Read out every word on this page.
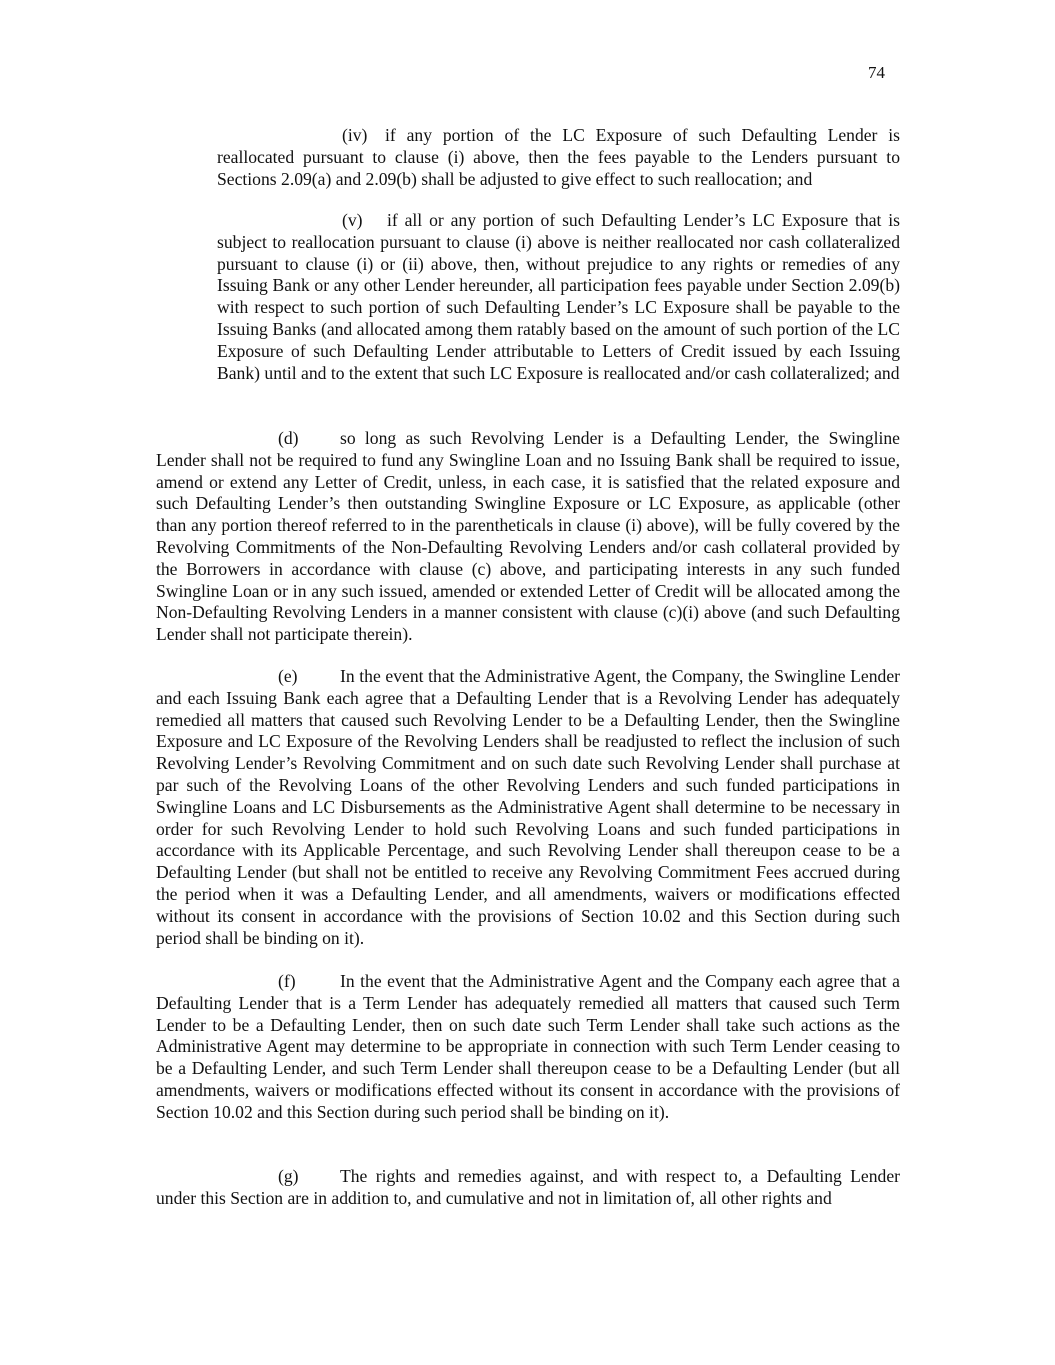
74

(iv) if any portion of the LC Exposure of such Defaulting Lender is reallocated pursuant to clause (i) above, then the fees payable to the Lenders pursuant to Sections 2.09(a) and 2.09(b) shall be adjusted to give effect to such reallocation; and

(v) if all or any portion of such Defaulting Lender’s LC Exposure that is subject to reallocation pursuant to clause (i) above is neither reallocated nor cash collateralized pursuant to clause (i) or (ii) above, then, without prejudice to any rights or remedies of any Issuing Bank or any other Lender hereunder, all participation fees payable under Section 2.09(b) with respect to such portion of such Defaulting Lender’s LC Exposure shall be payable to the Issuing Banks (and allocated among them ratably based on the amount of such portion of the LC Exposure of such Defaulting Lender attributable to Letters of Credit issued by each Issuing Bank) until and to the extent that such LC Exposure is reallocated and/or cash collateralized; and

(d) so long as such Revolving Lender is a Defaulting Lender, the Swingline Lender shall not be required to fund any Swingline Loan and no Issuing Bank shall be required to issue, amend or extend any Letter of Credit, unless, in each case, it is satisfied that the related exposure and such Defaulting Lender’s then outstanding Swingline Exposure or LC Exposure, as applicable (other than any portion thereof referred to in the parentheticals in clause (i) above), will be fully covered by the Revolving Commitments of the Non-Defaulting Revolving Lenders and/or cash collateral provided by the Borrowers in accordance with clause (c) above, and participating interests in any such funded Swingline Loan or in any such issued, amended or extended Letter of Credit will be allocated among the Non-Defaulting Revolving Lenders in a manner consistent with clause (c)(i) above (and such Defaulting Lender shall not participate therein).

(e) In the event that the Administrative Agent, the Company, the Swingline Lender and each Issuing Bank each agree that a Defaulting Lender that is a Revolving Lender has adequately remedied all matters that caused such Revolving Lender to be a Defaulting Lender, then the Swingline Exposure and LC Exposure of the Revolving Lenders shall be readjusted to reflect the inclusion of such Revolving Lender’s Revolving Commitment and on such date such Revolving Lender shall purchase at par such of the Revolving Loans of the other Revolving Lenders and such funded participations in Swingline Loans and LC Disbursements as the Administrative Agent shall determine to be necessary in order for such Revolving Lender to hold such Revolving Loans and such funded participations in accordance with its Applicable Percentage, and such Revolving Lender shall thereupon cease to be a Defaulting Lender (but shall not be entitled to receive any Revolving Commitment Fees accrued during the period when it was a Defaulting Lender, and all amendments, waivers or modifications effected without its consent in accordance with the provisions of Section 10.02 and this Section during such period shall be binding on it).

(f)	In the event that the Administrative Agent and the Company each agree that a Defaulting Lender that is a Term Lender has adequately remedied all matters that caused such Term Lender to be a Defaulting Lender, then on such date such Term Lender shall take such actions as the Administrative Agent may determine to be appropriate in connection with such Term Lender ceasing to be a Defaulting Lender, and such Term Lender shall thereupon cease to be a Defaulting Lender (but all amendments, waivers or modifications effected without its consent in accordance with the provisions of Section 10.02 and this Section during such period shall be binding on it).

(g) The rights and remedies against, and with respect to, a Defaulting Lender under this Section are in addition to, and cumulative and not in limitation of, all other rights and
